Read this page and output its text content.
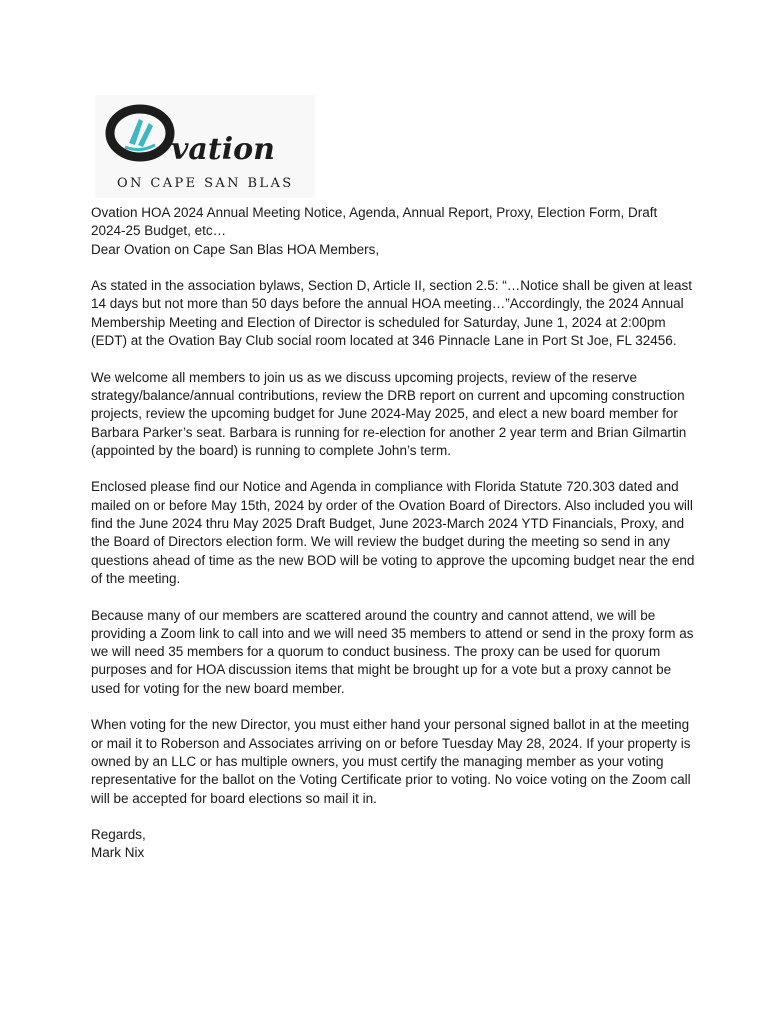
vation
ON CAPE SAN BLAS

Ovation HOA 2024 Annual Meeting Notice, Agenda, Annual Report, Proxy, Election Form, Draft
2024-25 Budget, etc…
Dear Ovation on Cape San Blas HOA Members,

As stated in the association bylaws, Section D, Article II, section 2.5: “…Notice shall be given at least 14 days but not more than 50 days before the annual HOA meeting…”Accordingly, the 2024 Annual Membership Meeting and Election of Director is scheduled for Saturday, June 1, 2024 at 2:00pm (EDT) at the Ovation Bay Club social room located at 346 Pinnacle Lane in Port St Joe, FL 32456.

We welcome all members to join us as we discuss upcoming projects, review of the reserve strategy/balance/annual contributions, review the DRB report on current and upcoming construction projects, review the upcoming budget for June 2024-May 2025, and elect a new board member for Barbara Parker’s seat. Barbara is running for re-election for another 2 year term and Brian Gilmartin (appointed by the board) is running to complete John’s term.

Enclosed please find our Notice and Agenda in compliance with Florida Statute 720.303 dated and mailed on or before May 15th, 2024 by order of the Ovation Board of Directors. Also included you will find the June 2024 thru May 2025 Draft Budget, June 2023-March 2024 YTD Financials, Proxy, and the Board of Directors election form. We will review the budget during the meeting so send in any questions ahead of time as the new BOD will be voting to approve the upcoming budget near the end of the meeting.

Because many of our members are scattered around the country and cannot attend, we will be providing a Zoom link to call into and we will need 35 members to attend or send in the proxy form as we will need 35 members for a quorum to conduct business. The proxy can be used for quorum purposes and for HOA discussion items that might be brought up for a vote but a proxy cannot be used for voting for the new board member.

When voting for the new Director, you must either hand your personal signed ballot in at the meeting or mail it to Roberson and Associates arriving on or before Tuesday May 28, 2024. If your property is owned by an LLC or has multiple owners, you must certify the managing member as your voting representative for the ballot on the Voting Certificate prior to voting. No voice voting on the Zoom call will be accepted for board elections so mail it in.

Regards,

Mark Nix
